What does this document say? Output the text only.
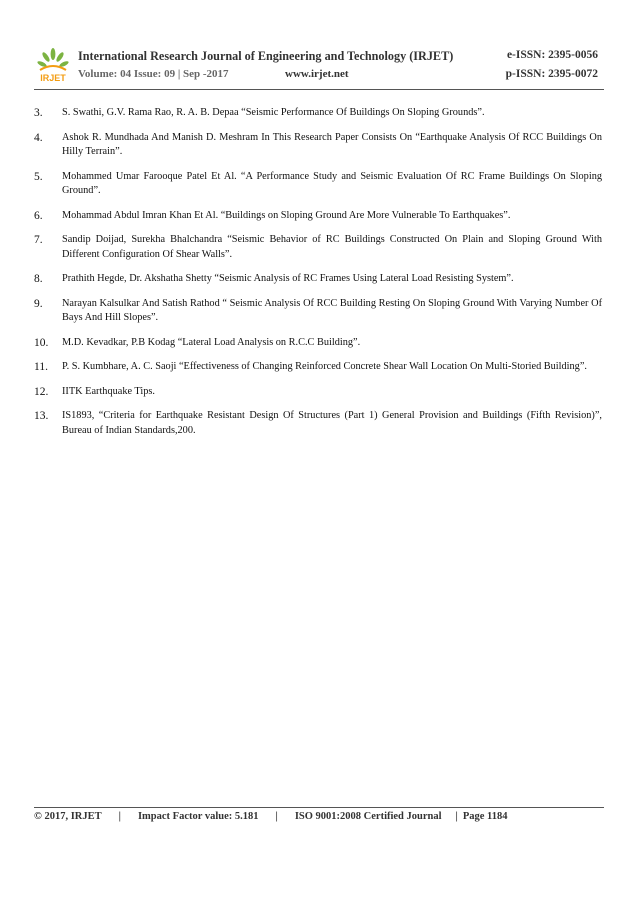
IRJET
International Research Journal of Engineering and Technology (IRJET)	e-ISSN: 2395-0056
Volume: 04 Issue: 09 | Sep -2017	www.irjet.net	p-ISSN: 2395-0072
3.	S. Swathi, G.V. Rama Rao, R. A. B. Depaa “Seismic Performance Of Buildings On Sloping Grounds”.
4.	Ashok R. Mundhada And Manish D. Meshram In This Research Paper Consists On “Earthquake Analysis Of RCC Buildings On Hilly Terrain”.
5.	Mohammed Umar Farooque Patel Et Al. “A Performance Study and Seismic Evaluation Of RC Frame Buildings On Sloping Ground”.
6.	Mohammad Abdul Imran Khan Et Al. “Buildings on Sloping Ground Are More Vulnerable To Earthquakes”.
7.	Sandip Doijad, Surekha Bhalchandra “Seismic Behavior of RC Buildings Constructed On Plain and Sloping Ground With Different Configuration Of Shear Walls”.
8.	Prathith Hegde, Dr. Akshatha Shetty “Seismic Analysis of RC Frames Using Lateral Load Resisting System”.
9.	Narayan Kalsulkar And Satish Rathod “ Seismic Analysis Of RCC Building Resting On Sloping Ground With Varying Number Of Bays And Hill Slopes”.
10.	M.D. Kevadkar, P.B Kodag “Lateral Load Analysis on R.C.C Building”.
11.	P. S. Kumbhare, A. C. Saoji “Effectiveness of Changing Reinforced Concrete Shear Wall Location On Multi-Storied Building”.
12.	IITK Earthquake Tips.
13.	IS1893, “Criteria for Earthquake Resistant Design Of Structures (Part 1) General Provision and Buildings (Fifth Revision)”, Bureau of Indian Standards,200.
© 2017, IRJET | Impact Factor value: 5.181 | ISO 9001:2008 Certified Journal | Page 1184
